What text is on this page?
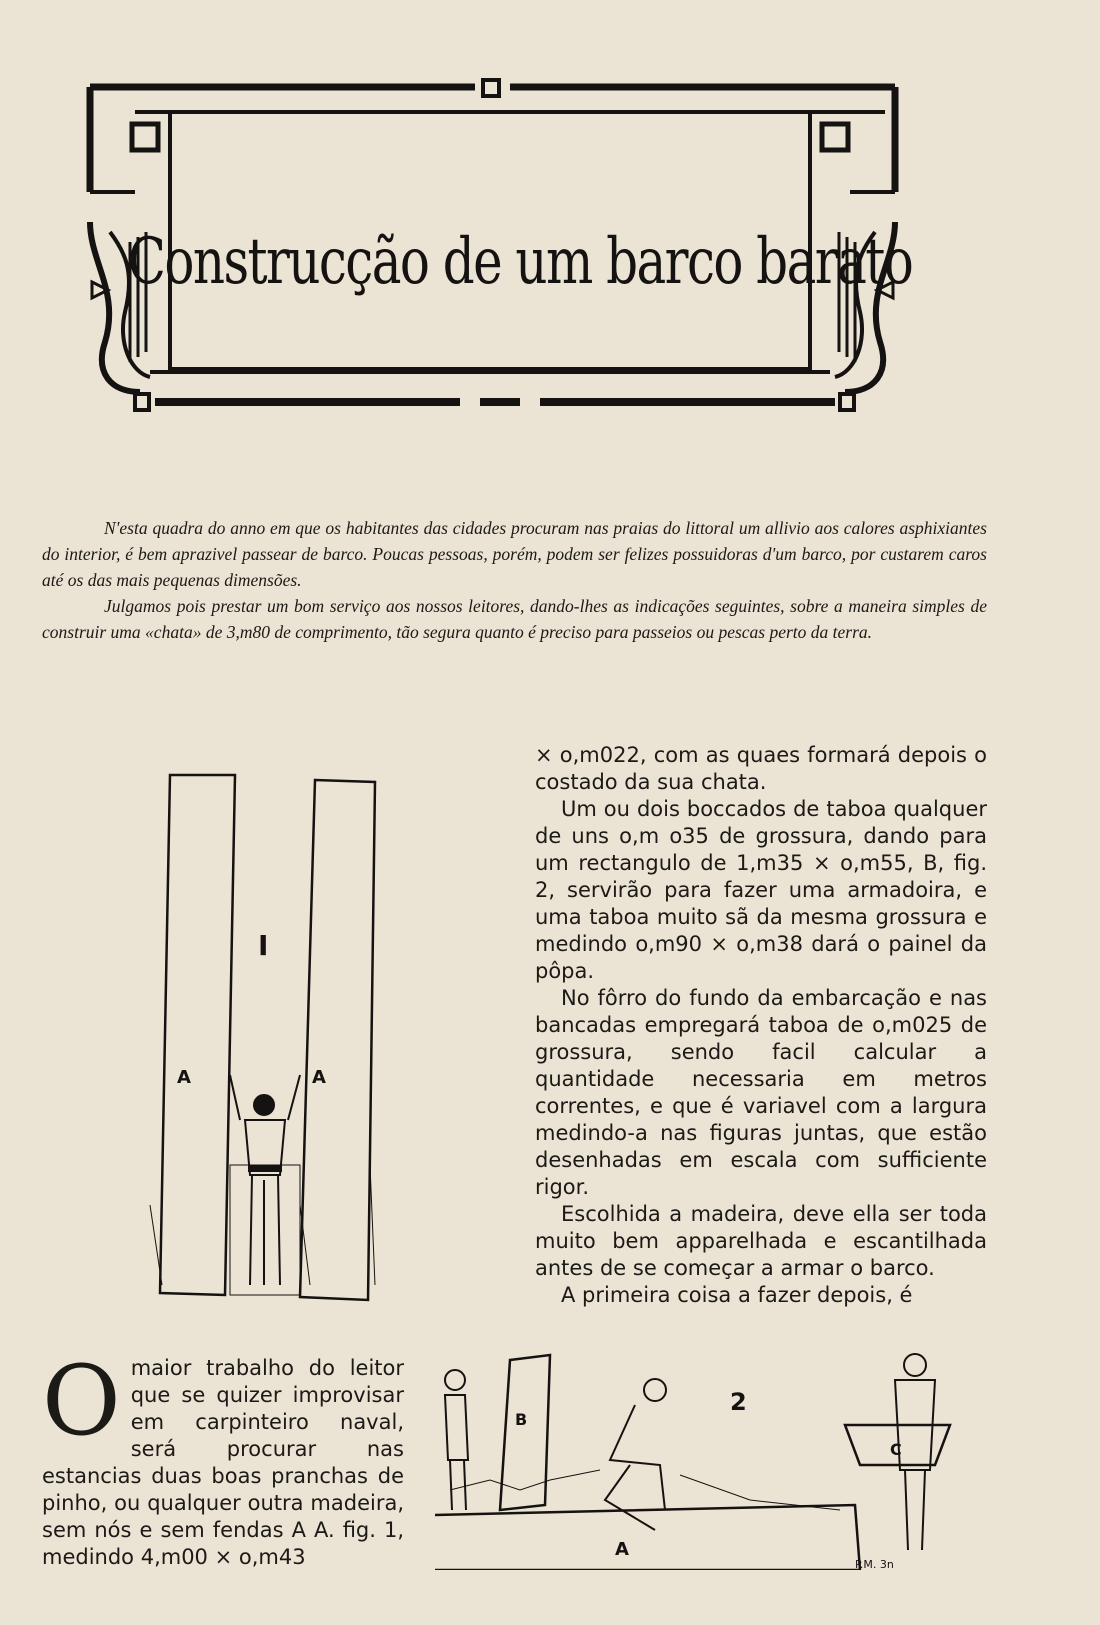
Construcção de um barco barato

N'esta quadra do anno em que os habitantes das cidades procuram nas praias do littoral um allivio aos calores asphixiantes do interior, é bem aprazivel passear de barco. Poucas pessoas, porém, podem ser felizes possuidoras d'um barco, por custarem caros até os das mais pequenas dimensões.

Julgamos pois prestar um bom serviço aos nossos leitores, dando-lhes as indicações seguintes, sobre a maneira simples de construir uma «chata» de 3,m80 de comprimento, tão segura quanto é preciso para passeios ou pescas perto da terra.

I
A	A

× o,m022, com as quaes formará depois o costado da sua chata.

Um ou dois boccados de taboa qualquer de uns o,m o35 de grossura, dando para um rectangulo de 1,m35 × o,m55, B, fig. 2, servirão para fazer uma armadoira, e uma taboa muito sã da mesma grossura e medindo o,m90 × o,m38 dará o painel da pôpa.

No fôrro do fundo da embarcação e nas bancadas empregará taboa de o,m025 de grossura, sendo facil calcular a quantidade necessaria em metros correntes, e que é variavel com a largura medindo-a nas figuras juntas, que estão desenhadas em escala com sufficiente rigor.

Escolhida a madeira, deve ella ser toda muito bem apparelhada e escantilhada antes de se começar a armar o barco.

A primeira coisa a fazer depois, é

O maior trabalho do leitor que se quizer improvisar em carpinteiro naval, será procurar nas estancias duas boas pranchas de pinho, ou qualquer outra madeira, sem nós e sem fendas A A. fig. 1, medindo 4,m00 × o,m43

2
A
B
C
P.M. 3n
